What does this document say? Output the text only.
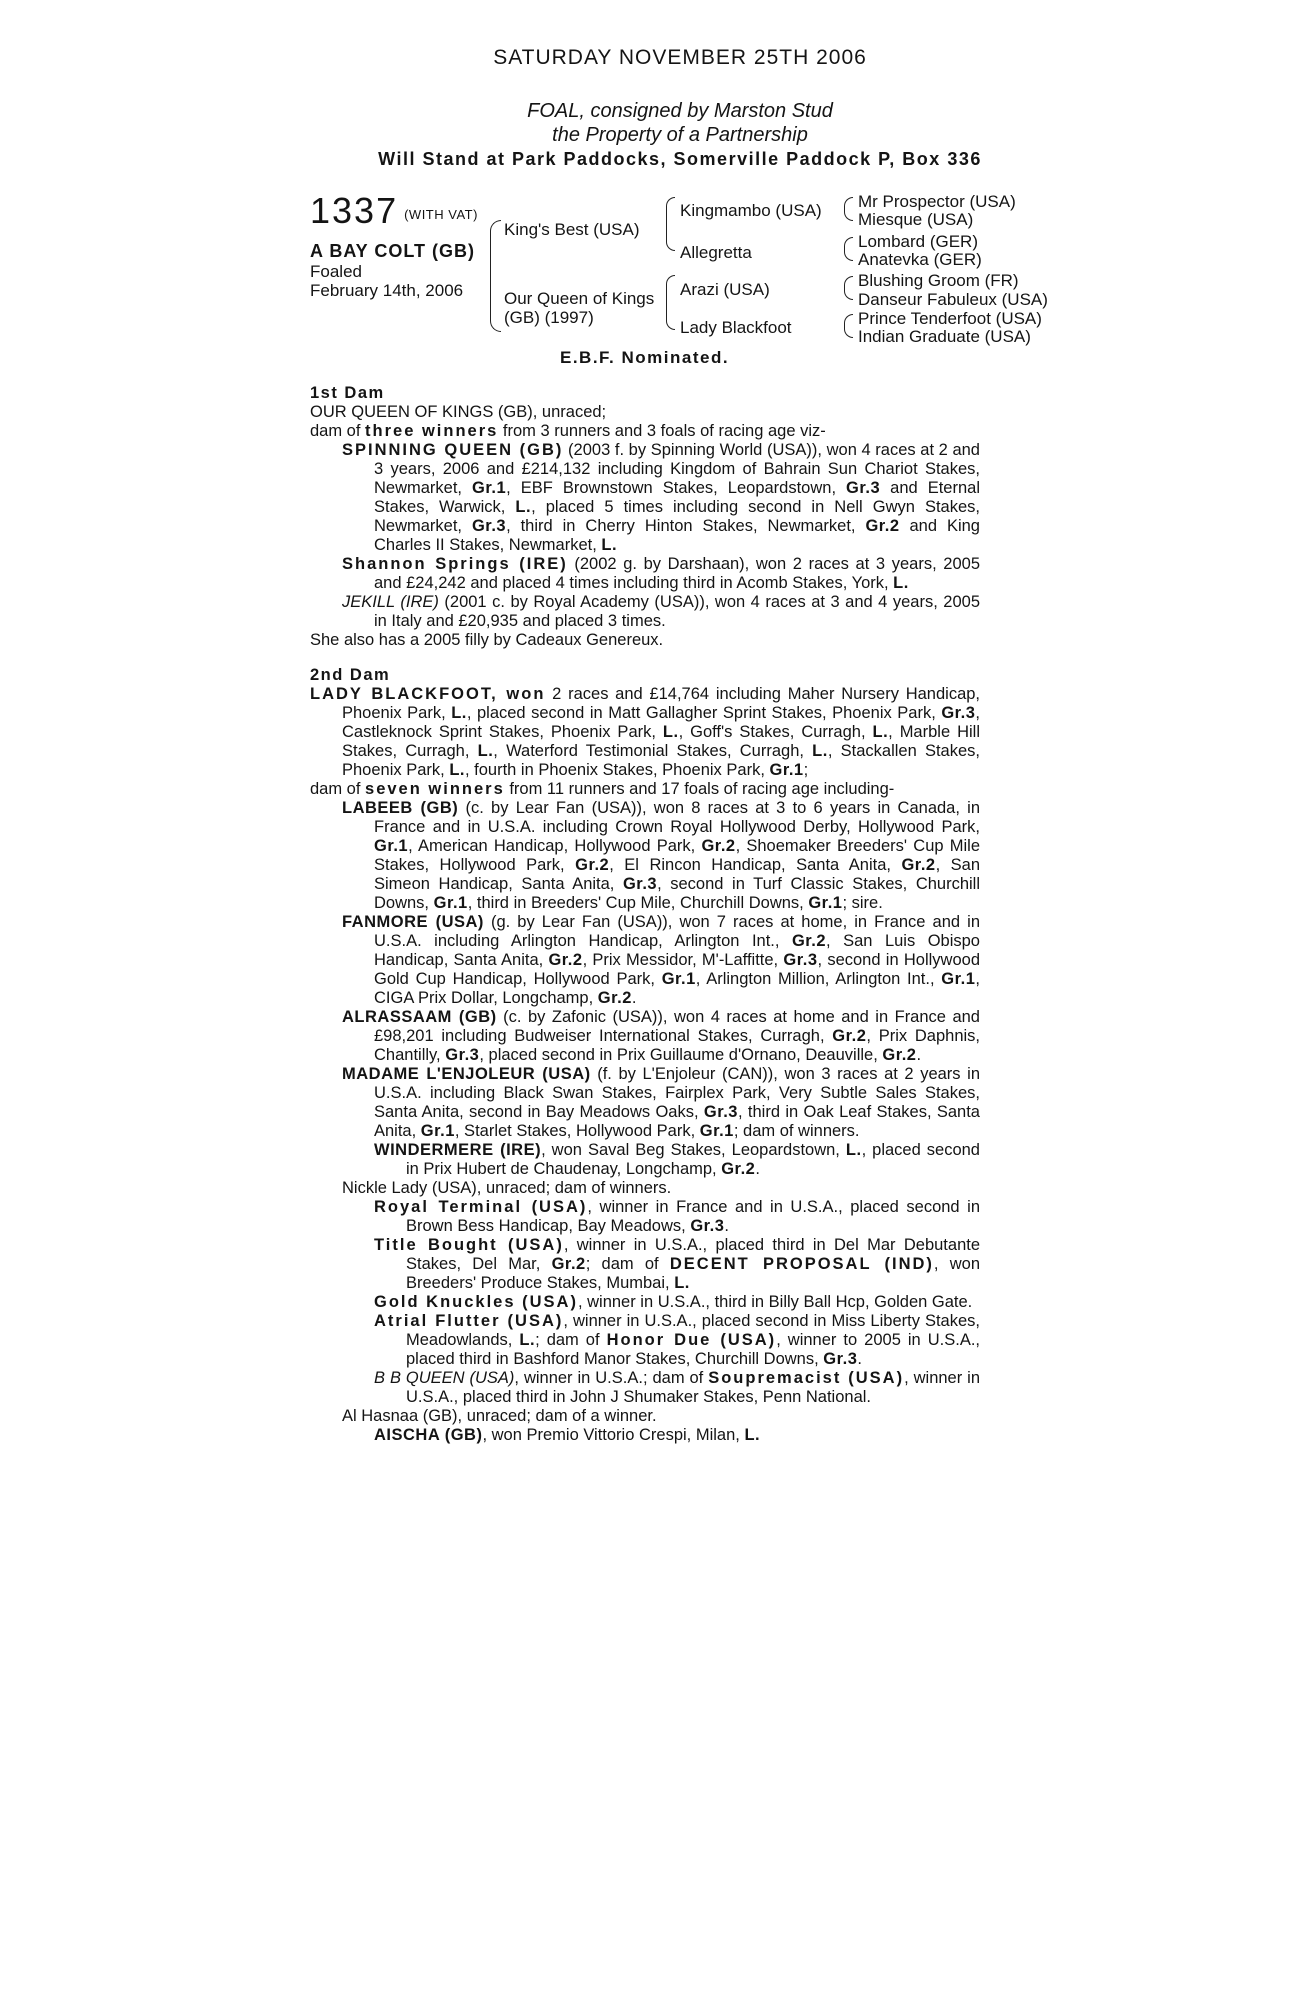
SATURDAY NOVEMBER 25TH 2006
FOAL, consigned by Marston Stud
the Property of a Partnership
Will Stand at Park Paddocks, Somerville Paddock P, Box 336
1337 (WITH VAT)
A BAY COLT (GB)
Foaled
February 14th, 2006
King's Best (USA)
Our Queen of Kings
(GB) (1997)
Kingmambo (USA)
Allegretta
Arazi (USA)
Lady Blackfoot
Mr Prospector (USA)
Miesque (USA)
Lombard (GER)
Anatevka (GER)
Blushing Groom (FR)
Danseur Fabuleux (USA)
Prince Tenderfoot (USA)
Indian Graduate (USA)
E.B.F. Nominated.

1st Dam

OUR QUEEN OF KINGS (GB), unraced;

dam of three winners from 3 runners and 3 foals of racing age viz-

SPINNING QUEEN (GB) (2003 f. by Spinning World (USA)), won 4 races at 2 and 3 years, 2006 and £214,132 including Kingdom of Bahrain Sun Chariot Stakes, Newmarket, Gr.1, EBF Brownstown Stakes, Leopardstown, Gr.3 and Eternal Stakes, Warwick, L., placed 5 times including second in Nell Gwyn Stakes, Newmarket, Gr.3, third in Cherry Hinton Stakes, Newmarket, Gr.2 and King Charles II Stakes, Newmarket, L.

Shannon Springs (IRE) (2002 g. by Darshaan), won 2 races at 3 years, 2005 and £24,242 and placed 4 times including third in Acomb Stakes, York, L.

JEKILL (IRE) (2001 c. by Royal Academy (USA)), won 4 races at 3 and 4 years, 2005 in Italy and £20,935 and placed 3 times.

She also has a 2005 filly by Cadeaux Genereux.

2nd Dam

LADY BLACKFOOT, won 2 races and £14,764 including Maher Nursery Handicap, Phoenix Park, L., placed second in Matt Gallagher Sprint Stakes, Phoenix Park, Gr.3, Castleknock Sprint Stakes, Phoenix Park, L., Goff's Stakes, Curragh, L., Marble Hill Stakes, Curragh, L., Waterford Testimonial Stakes, Curragh, L., Stackallen Stakes, Phoenix Park, L., fourth in Phoenix Stakes, Phoenix Park, Gr.1;

dam of seven winners from 11 runners and 17 foals of racing age including-

LABEEB (GB) (c. by Lear Fan (USA)), won 8 races at 3 to 6 years in Canada, in France and in U.S.A. including Crown Royal Hollywood Derby, Hollywood Park, Gr.1, American Handicap, Hollywood Park, Gr.2, Shoemaker Breeders' Cup Mile Stakes, Hollywood Park, Gr.2, El Rincon Handicap, Santa Anita, Gr.2, San Simeon Handicap, Santa Anita, Gr.3, second in Turf Classic Stakes, Churchill Downs, Gr.1, third in Breeders' Cup Mile, Churchill Downs, Gr.1; sire.

FANMORE (USA) (g. by Lear Fan (USA)), won 7 races at home, in France and in U.S.A. including Arlington Handicap, Arlington Int., Gr.2, San Luis Obispo Handicap, Santa Anita, Gr.2, Prix Messidor, M'-Laffitte, Gr.3, second in Hollywood Gold Cup Handicap, Hollywood Park, Gr.1, Arlington Million, Arlington Int., Gr.1, CIGA Prix Dollar, Longchamp, Gr.2.

ALRASSAAM (GB) (c. by Zafonic (USA)), won 4 races at home and in France and £98,201 including Budweiser International Stakes, Curragh, Gr.2, Prix Daphnis, Chantilly, Gr.3, placed second in Prix Guillaume d'Ornano, Deauville, Gr.2.

MADAME L'ENJOLEUR (USA) (f. by L'Enjoleur (CAN)), won 3 races at 2 years in U.S.A. including Black Swan Stakes, Fairplex Park, Very Subtle Sales Stakes, Santa Anita, second in Bay Meadows Oaks, Gr.3, third in Oak Leaf Stakes, Santa Anita, Gr.1, Starlet Stakes, Hollywood Park, Gr.1; dam of winners.

WINDERMERE (IRE), won Saval Beg Stakes, Leopardstown, L., placed second in Prix Hubert de Chaudenay, Longchamp, Gr.2.

Nickle Lady (USA), unraced; dam of winners.

Royal Terminal (USA), winner in France and in U.S.A., placed second in Brown Bess Handicap, Bay Meadows, Gr.3.

Title Bought (USA), winner in U.S.A., placed third in Del Mar Debutante Stakes, Del Mar, Gr.2; dam of DECENT PROPOSAL (IND), won Breeders' Produce Stakes, Mumbai, L.

Gold Knuckles (USA), winner in U.S.A., third in Billy Ball Hcp, Golden Gate.

Atrial Flutter (USA), winner in U.S.A., placed second in Miss Liberty Stakes, Meadowlands, L.; dam of Honor Due (USA), winner to 2005 in U.S.A., placed third in Bashford Manor Stakes, Churchill Downs, Gr.3.

B B QUEEN (USA), winner in U.S.A.; dam of Soupremacist (USA), winner in U.S.A., placed third in John J Shumaker Stakes, Penn National.

Al Hasnaa (GB), unraced; dam of a winner.

AISCHA (GB), won Premio Vittorio Crespi, Milan, L.
